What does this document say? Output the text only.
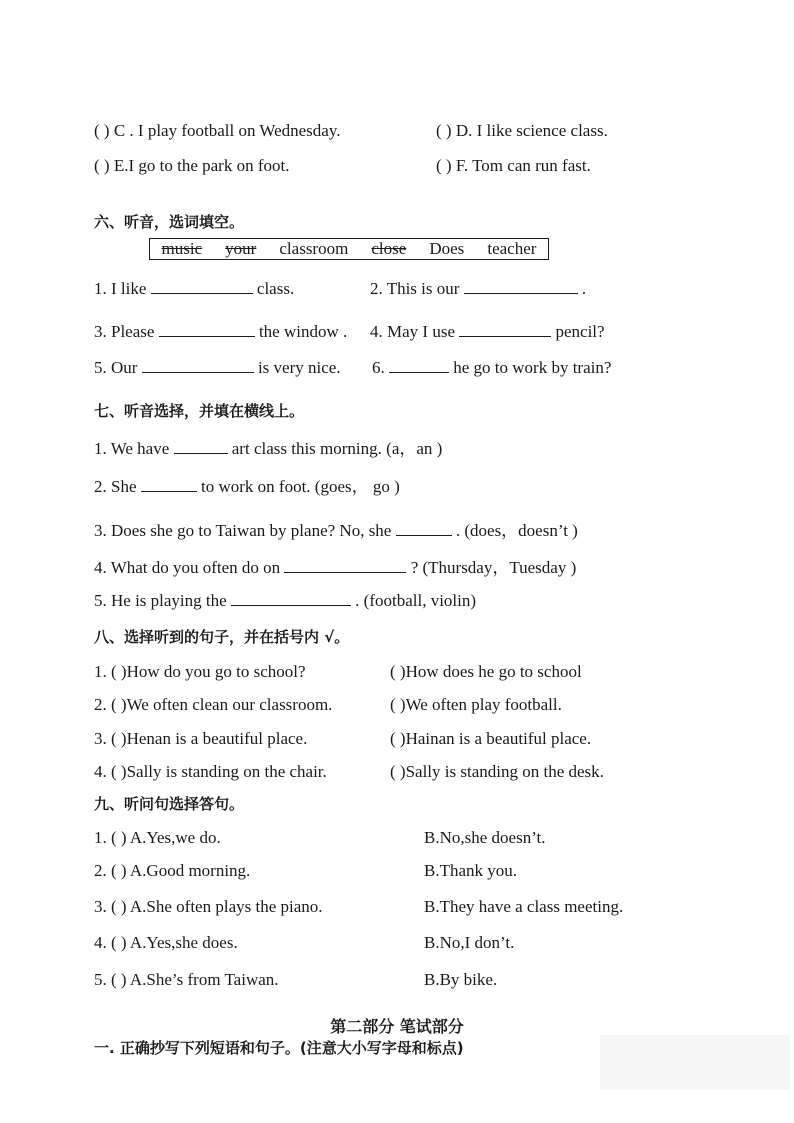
( ) C . I play football on Wednesday.	( ) D. I like science class.
( ) E.I go to the park on foot.	( ) F. Tom can run fast.
六、听音，选词填空。
music your classroom close Does teacher
1. I like	class.	2. This is our	.
3. Please	the window . 4. May I use	pencil?
5. Our	is very nice. 6.	he go to work by train?
七、听音选择，并填在横线上。
1. We have	art class this morning. (a，an )
2. She	to work on foot. (goes， go )
3. Does she go to Taiwan by plane? No, she	. (does，doesn’t )
4. What do you often do on	? (Thursday，Tuesday )
5. He is playing the	. (football, violin)
八、选择听到的句子，并在括号内 √。
1. ( )How do you go to school?	( )How does he go to school
2. ( )We often clean our classroom.	( )We often play football.
3. ( )Henan is a beautiful place.	( )Hainan is a beautiful place.
4. ( )Sally is standing on the chair.	( )Sally is standing on the desk.
九、听问句选择答句。
1. ( ) A.Yes,we do.	B.No,she doesn’t.
2. ( ) A.Good morning.	B.Thank you.
3. ( ) A.She often plays the piano.	B.They have a class meeting.
4. ( ) A.Yes,she does.	B.No,I don’t.
5. ( ) A.She’s from Taiwan.	B.By bike.
第二部分 笔试部分
一. 正确抄写下列短语和句子。(注意大小写字母和标点)
